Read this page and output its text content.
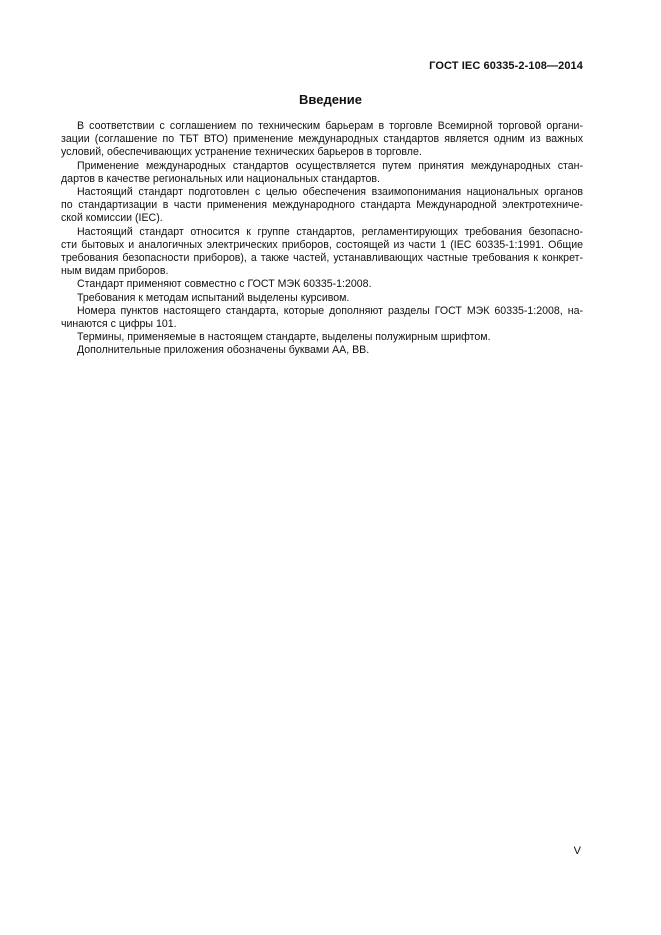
ГОСТ IEC 60335-2-108—2014
Введение

В соответствии с соглашением по техническим барьерам в торговле Всемирной торговой органи-
зации (соглашение по ТБТ ВТО) применение международных стандартов является одним из важных
условий, обеспечивающих устранение технических барьеров в торговле.

Применение международных стандартов осуществляется путем принятия международных стан-
дартов в качестве региональных или национальных стандартов.

Настоящий стандарт подготовлен с целью обеспечения взаимопонимания национальных органов
по стандартизации в части применения международного стандарта Международной электротехниче-
ской комиссии (IEC).

Настоящий стандарт относится к группе стандартов, регламентирующих требования безопасно-
сти бытовых и аналогичных электрических приборов, состоящей из части 1 (IEC 60335-1:1991. Общие
требования безопасности приборов), а также частей, устанавливающих частные требования к конкрет-
ным видам приборов.

Стандарт применяют совместно с ГОСТ МЭК 60335-1:2008.

Требования к методам испытаний выделены курсивом.

Номера пунктов настоящего стандарта, которые дополняют разделы ГОСТ МЭК 60335-1:2008, на-
чинаются с цифры 101.

Термины, применяемые в настоящем стандарте, выделены полужирным шрифтом.

Дополнительные приложения обозначены буквами АА, ВВ.

V
